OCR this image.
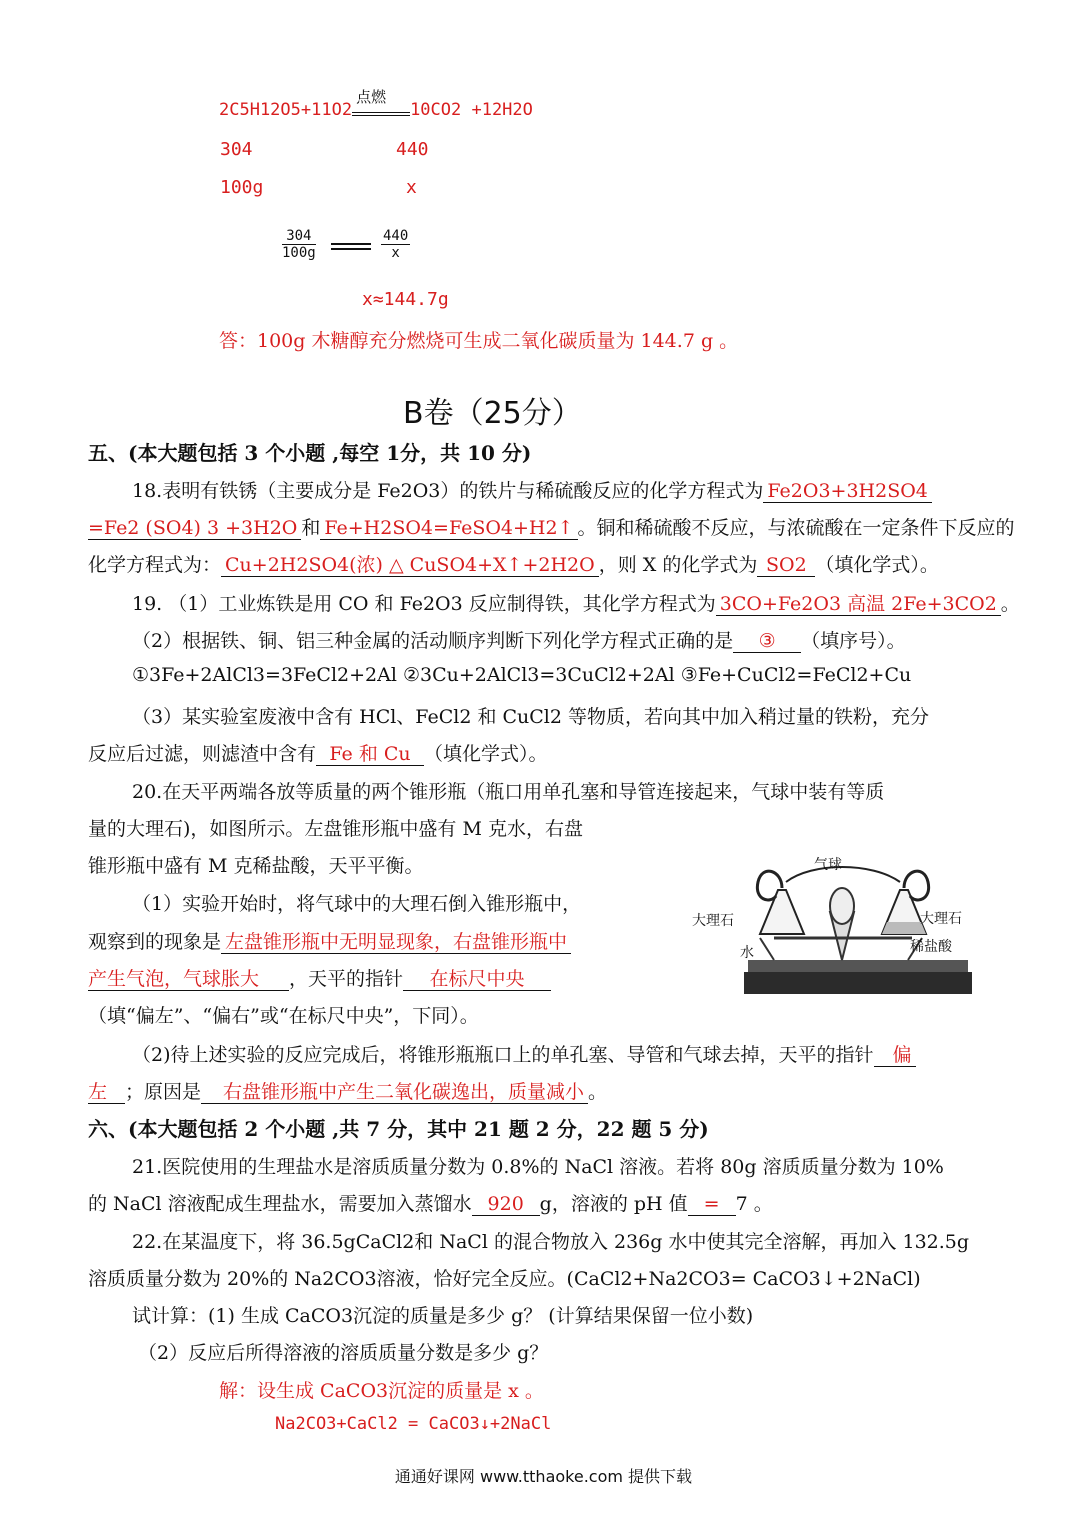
2C5H12O5+11O2
点燃
10CO2 +12H2O
304	440
100g	x
$\frac{304}{100g}$	$\frac{440}{x}$
x≈144.7g
答：100g 木糖醇充分燃烧可生成二氧化碳质量为 144.7 g 。
B卷（25分）
五、(本大题包括 3 个小题 ,每空 1分，共 10 分)
18.表明有铁锈（主要成分是 Fe2O3）的铁片与稀硫酸反应的化学方程式为 Fe2O3+3H2SO4
=Fe2 (SO4) 3 +3H2O 和 Fe+H2SO4=FeSO4+H2↑ 。铜和稀硫酸不反应，与浓硫酸在一定条件下反应的
化学方程式为： Cu+2H2SO4(浓) △ CuSO4+X↑+2H2O ，则 X 的化学式为 SO2 （填化学式）。
19. （1）工业炼铁是用 CO 和 Fe2O3 反应制得铁，其化学方程式为 3CO+Fe2O3 高温 2Fe+3CO2 。
（2）根据铁、铜、铝三种金属的活动顺序判断下列化学方程式正确的是 ③ （填序号）。
①3Fe+2AlCl3=3FeCl2+2Al ②3Cu+2AlCl3=3CuCl2+2Al ③Fe+CuCl2=FeCl2+Cu
（3）某实验室废液中含有 HCl、FeCl2 和 CuCl2 等物质，若向其中加入稍过量的铁粉，充分
反应后过滤，则滤渣中含有 Fe 和 Cu （填化学式）。
20.在天平两端各放等质量的两个锥形瓶（瓶口用单孔塞和导管连接起来，气球中装有等质
量的大理石)，如图所示。左盘锥形瓶中盛有 M 克水，右盘
锥形瓶中盛有 M 克稀盐酸，天平平衡。
（1）实验开始时，将气球中的大理石倒入锥形瓶中，
观察到的现象是 左盘锥形瓶中无明显现象，右盘锥形瓶中
产生气泡，气球胀大 ，天平的指针 在标尺中央
（填“偏左”、“偏右”或“在标尺中央”，下同）。
气球
大理石	大理石
水	稀盐酸
（2)待上述实验的反应完成后，将锥形瓶瓶口上的单孔塞、导管和气球去掉，天平的指针 偏
左 ；原因是 右盘锥形瓶中产生二氧化碳逸出，质量减小 。
六、(本大题包括 2 个小题 ,共 7 分，其中 21 题 2 分，22 题 5 分)
21.医院使用的生理盐水是溶质质量分数为 0.8%的 NaCl 溶液。若将 80g 溶质质量分数为 10%
的 NaCl 溶液配成生理盐水，需要加入蒸馏水 920 g，溶液的 pH 值 = 7 。
22.在某温度下，将 36.5gCaCl2和 NaCl 的混合物放入 236g 水中使其完全溶解，再加入 132.5g
溶质质量分数为 20%的 Na2CO3溶液，恰好完全反应。(CaCl2+Na2CO3= CaCO3↓+2NaCl)
试计算：(1) 生成 CaCO3沉淀的质量是多少 g？ (计算结果保留一位小数)
（2）反应后所得溶液的溶质质量分数是多少 g？
解：设生成 CaCO3沉淀的质量是 x 。
Na2CO3+CaCl2 = CaCO3↓+2NaCl
通通好课网 www.tthaoke.com 提供下载
